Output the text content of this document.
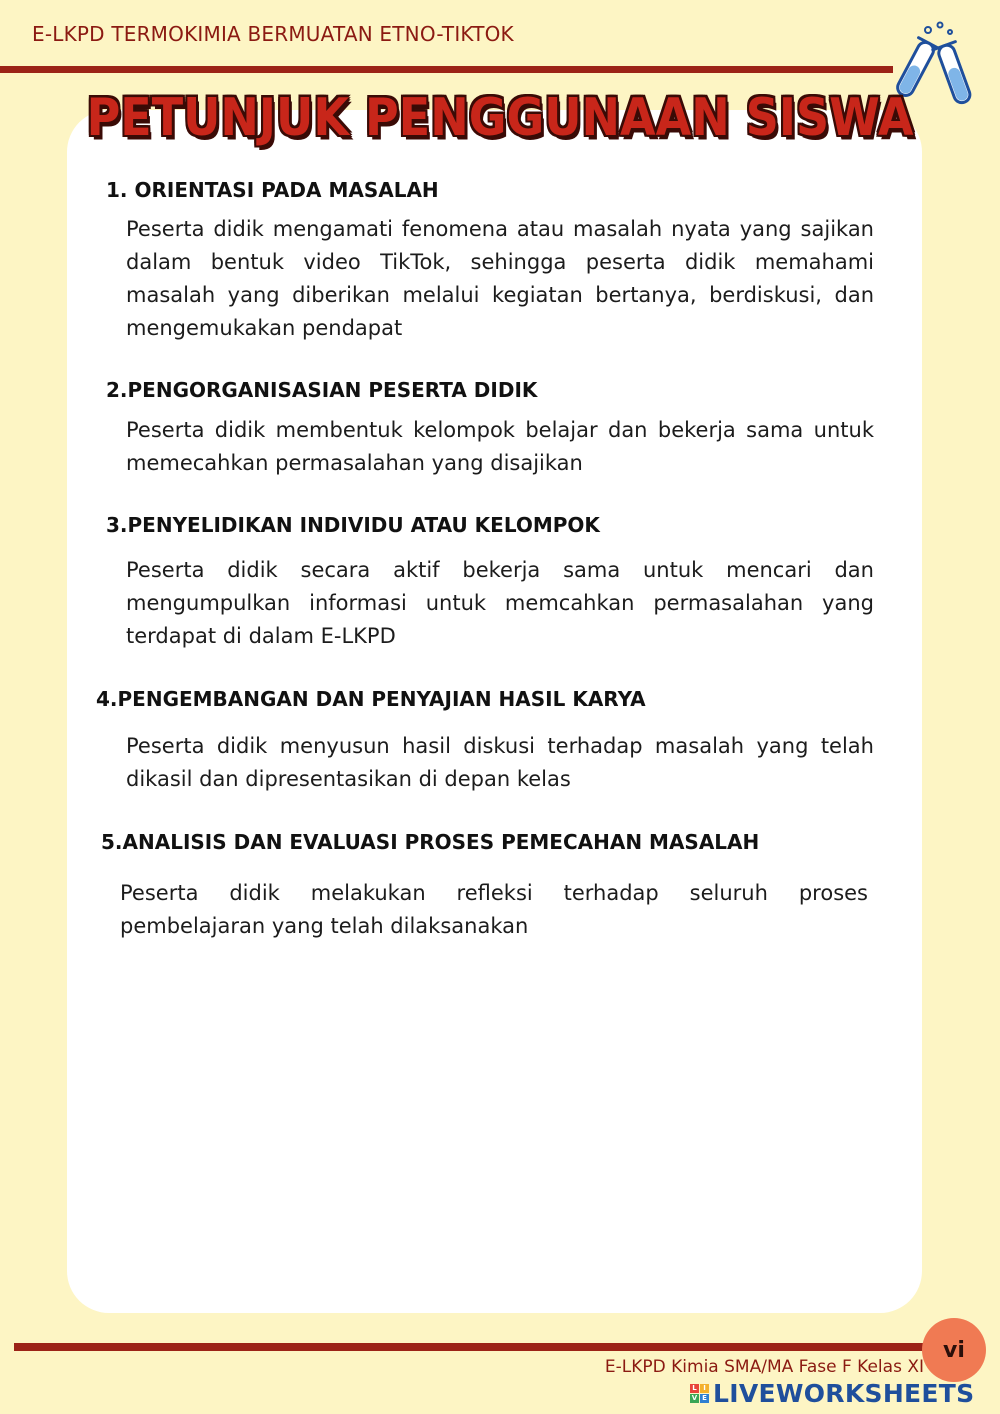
E-LKPD TERMOKIMIA BERMUATAN ETNO-TIKTOK
PETUNJUK PENGGUNAAN SISWA
1. ORIENTASI PADA MASALAH
Peserta didik mengamati fenomena atau masalah nyata yang sajikan dalam bentuk video TikTok, sehingga peserta didik memahami masalah yang diberikan melalui kegiatan bertanya, berdiskusi, dan mengemukakan pendapat
2.PENGORGANISASIAN PESERTA DIDIK
Peserta didik membentuk kelompok belajar dan bekerja sama untuk memecahkan permasalahan yang disajikan
3.PENYELIDIKAN INDIVIDU ATAU KELOMPOK
Peserta didik secara aktif bekerja sama untuk mencari dan mengumpulkan informasi untuk memcahkan permasalahan yang terdapat di dalam E-LKPD
4.PENGEMBANGAN DAN PENYAJIAN HASIL KARYA
Peserta didik menyusun hasil diskusi terhadap masalah yang telah dikasil dan dipresentasikan di depan kelas
5.ANALISIS DAN EVALUASI PROSES PEMECAHAN MASALAH
Peserta didik melakukan refleksi terhadap seluruh proses pembelajaran yang telah dilaksanakan
vi
E-LKPD Kimia SMA/MA Fase F Kelas XI
L I
V E LIVEWORKSHEETS
